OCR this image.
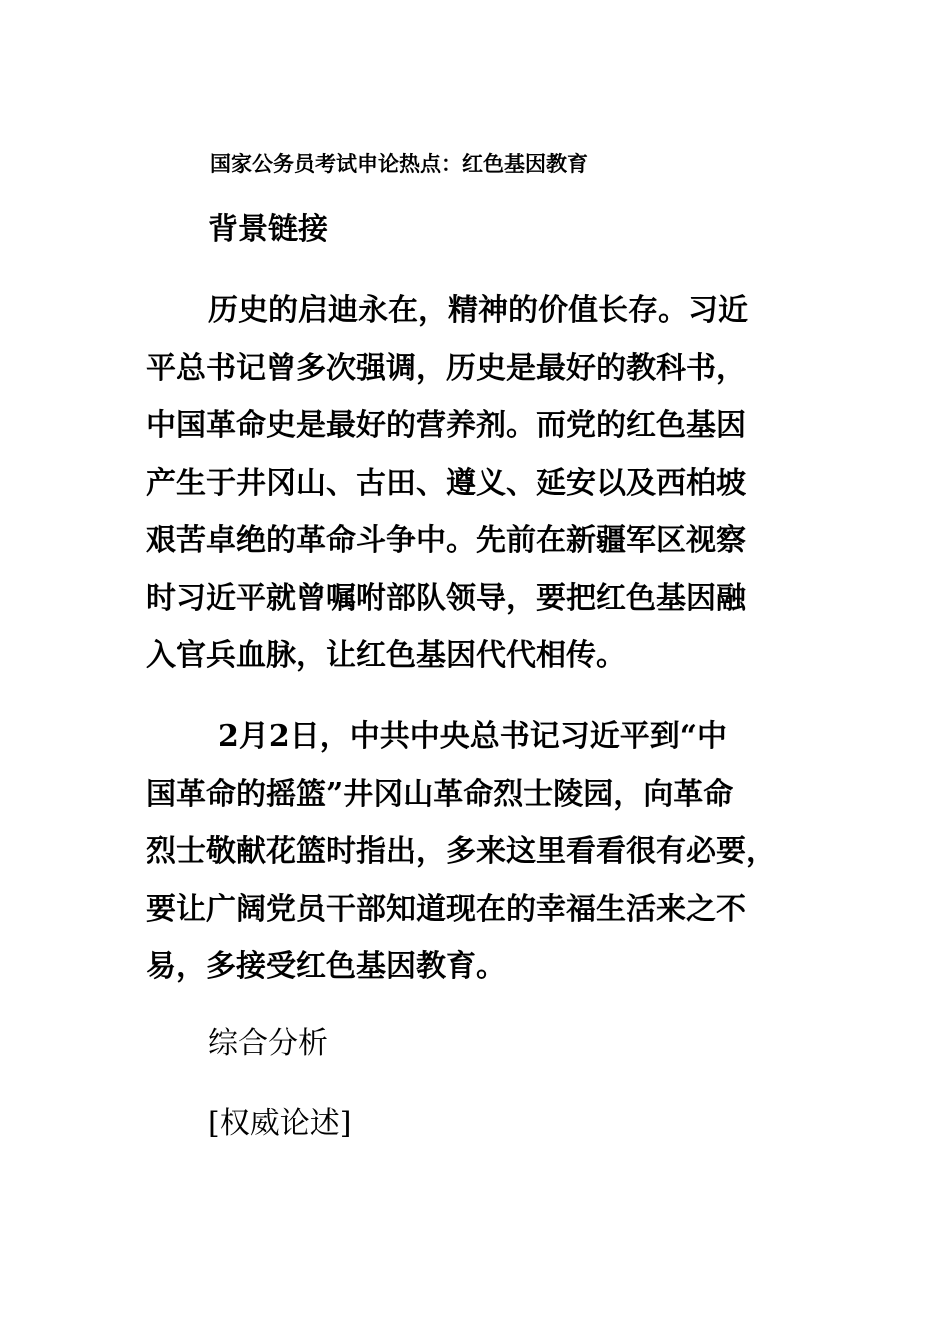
国家公务员考试申论热点：红色基因教育
背景链接
历史的启迪永在，精神的价值长存。习近
平总书记曾多次强调，历史是最好的教科书，
中国革命史是最好的营养剂。而党的红色基因
产生于井冈山、古田、遵义、延安以及西柏坡
艰苦卓绝的革命斗争中。先前在新疆军区视察
时习近平就曾嘱咐部队领导，要把红色基因融
入官兵血脉，让红色基因代代相传。
2月2日，中共中央总书记习近平到“中
国革命的摇篮”井冈山革命烈士陵园，向革命
烈士敬献花篮时指出，多来这里看看很有必要，
要让广阔党员干部知道现在的幸福生活来之不
易，多接受红色基因教育。
综合分析
[权威论述]
